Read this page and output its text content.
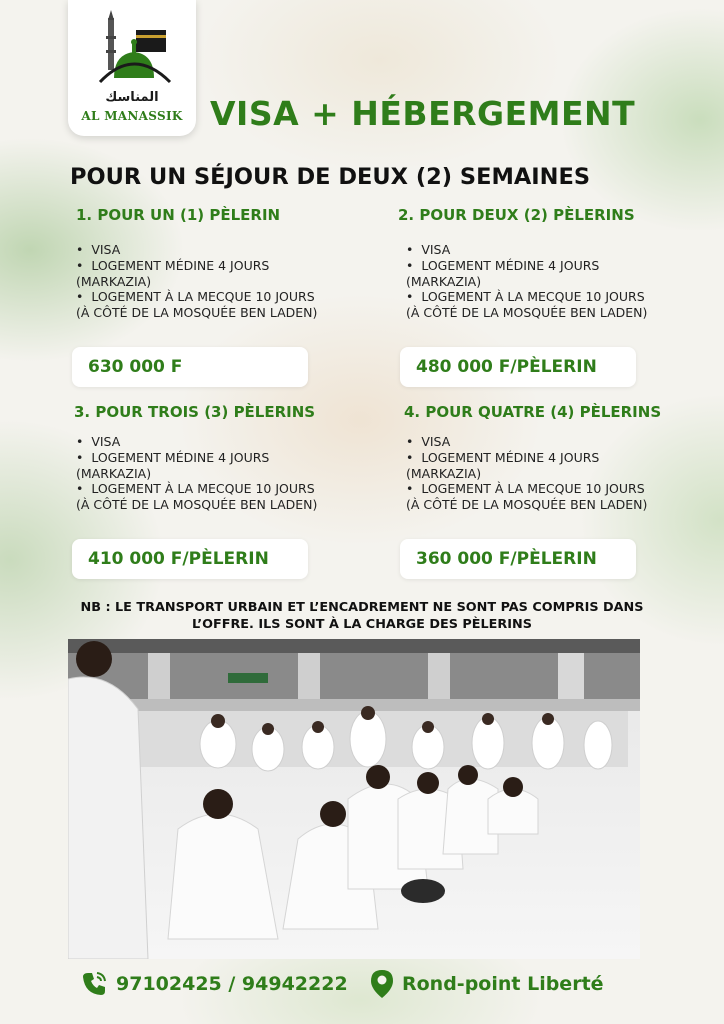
المناسك
AL MANASSIK VISA + HÉBERGEMENT
POUR UN SÉJOUR DE DEUX (2) SEMAINES
1. POUR UN (1) PÈLERIN
•  VISA
•  LOGEMENT MÉDINE 4 JOURS (MARKAZIA)
•  LOGEMENT À LA MECQUE 10 JOURS (À CÔTÉ DE LA MOSQUÉE BEN LADEN)
630 000 F
2. POUR DEUX (2) PÈLERINS
•  VISA
•  LOGEMENT MÉDINE 4 JOURS (MARKAZIA)
•  LOGEMENT À LA MECQUE 10 JOURS (À CÔTÉ DE LA MOSQUÉE BEN LADEN)
480 000 F/PÈLERIN
3. POUR TROIS (3) PÈLERINS
•  VISA
•  LOGEMENT MÉDINE 4 JOURS (MARKAZIA)
•  LOGEMENT À LA MECQUE 10 JOURS (À CÔTÉ DE LA MOSQUÉE BEN LADEN)
410 000 F/PÈLERIN
4. POUR QUATRE (4) PÈLERINS
•  VISA
•  LOGEMENT MÉDINE 4 JOURS (MARKAZIA)
•  LOGEMENT À LA MECQUE 10 JOURS (À CÔTÉ DE LA MOSQUÉE BEN LADEN)
360 000 F/PÈLERIN
NB : LE TRANSPORT URBAIN ET L’ENCADREMENT NE SONT PAS COMPRIS DANS L’OFFRE. ILS SONT À LA CHARGE DES PÈLERINS
97102425 / 94942222	Rond-point Liberté
